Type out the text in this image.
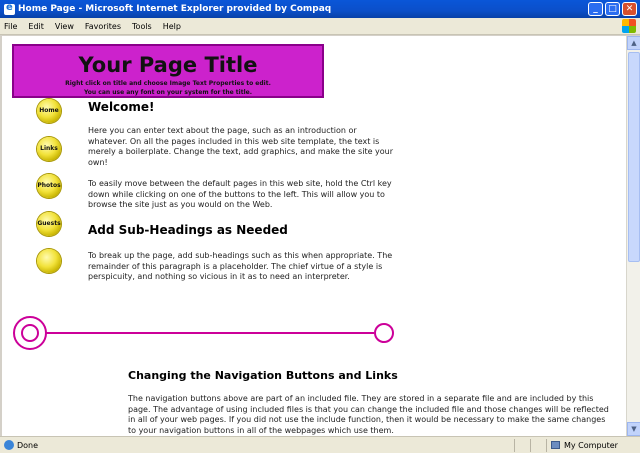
e
Home Page - Microsoft Internet Explorer provided by Compaq	_	□ ✕
File Edit View Favorites Tools Help
Your Page Title
Right click on title and choose Image Text Properties to edit.
You can use any font on your system for the title.
Home
Links
Photos
Guests
Welcome!
Here you can enter text about the page, such as an introduction or whatever. On all the pages included in this web site template, the text is merely a boilerplate. Change the text, add graphics, and make the site your own!
To easily move between the default pages in this web site, hold the Ctrl key down while clicking on one of the buttons to the left. This will allow you to browse the site just as you would on the Web.
Add Sub-Headings as Needed
To break up the page, add sub-headings such as this when appropriate. The remainder of this paragraph is a placeholder. The chief virtue of a style is perspicuity, and nothing so vicious in it as to need an interpreter.
Changing the Navigation Buttons and Links
The navigation buttons above are part of an included file. They are stored in a separate file and are included by this page. The advantage of using included files is that you can change the included file and those changes will be reflected in all of your web pages. If you did not use the include function, then it would be necessary to make the same changes to your navigation buttons in all of the webpages which use them.
▲
▼
Done	My Computer
